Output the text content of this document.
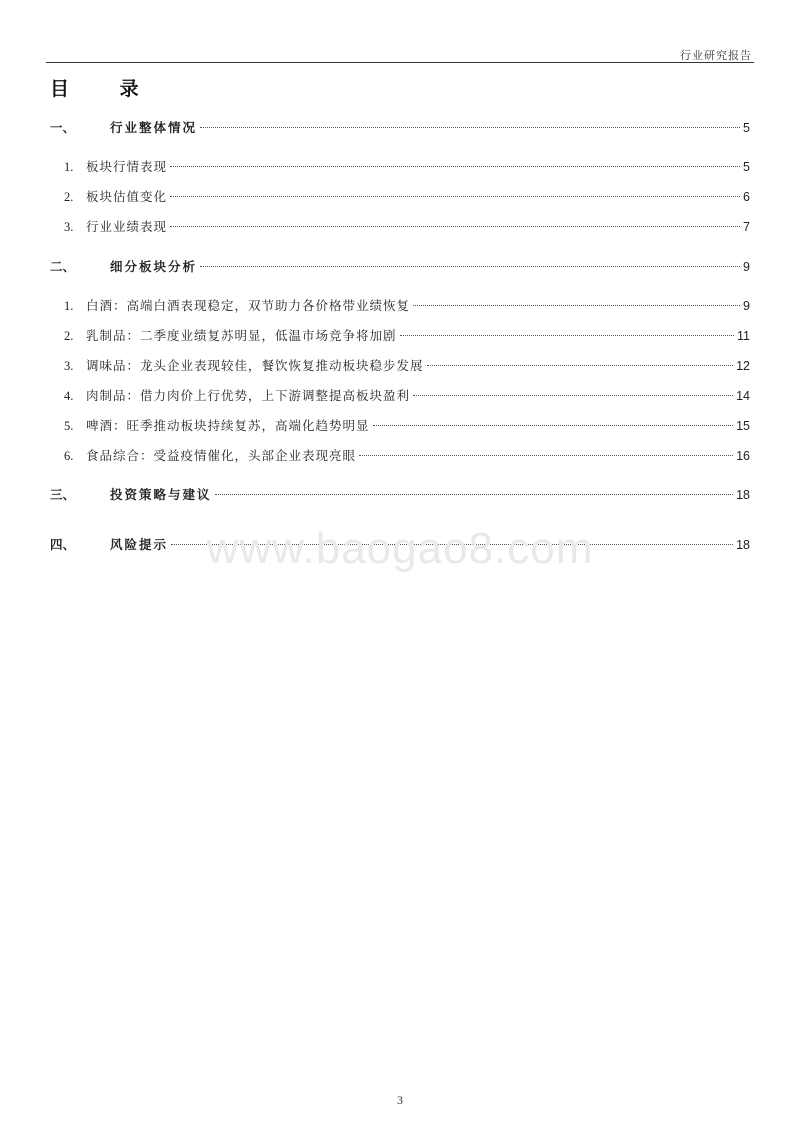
行业研究报告
目 录
一、	行业整体情况	5
1.	板块行情表现	5
2.	板块估值变化	6
3.	行业业绩表现	7
二、	细分板块分析	9
1.	白酒：高端白酒表现稳定，双节助力各价格带业绩恢复	9
2.	乳制品：二季度业绩复苏明显，低温市场竞争将加剧	11
3.	调味品：龙头企业表现较佳，餐饮恢复推动板块稳步发展	12
4.	肉制品：借力肉价上行优势，上下游调整提高板块盈利	14
5.	啤酒：旺季推动板块持续复苏，高端化趋势明显	15
6.	食品综合：受益疫情催化，头部企业表现亮眼	16
三、	投资策略与建议	18
四、	风险提示	18
www.baogao8.com
3
